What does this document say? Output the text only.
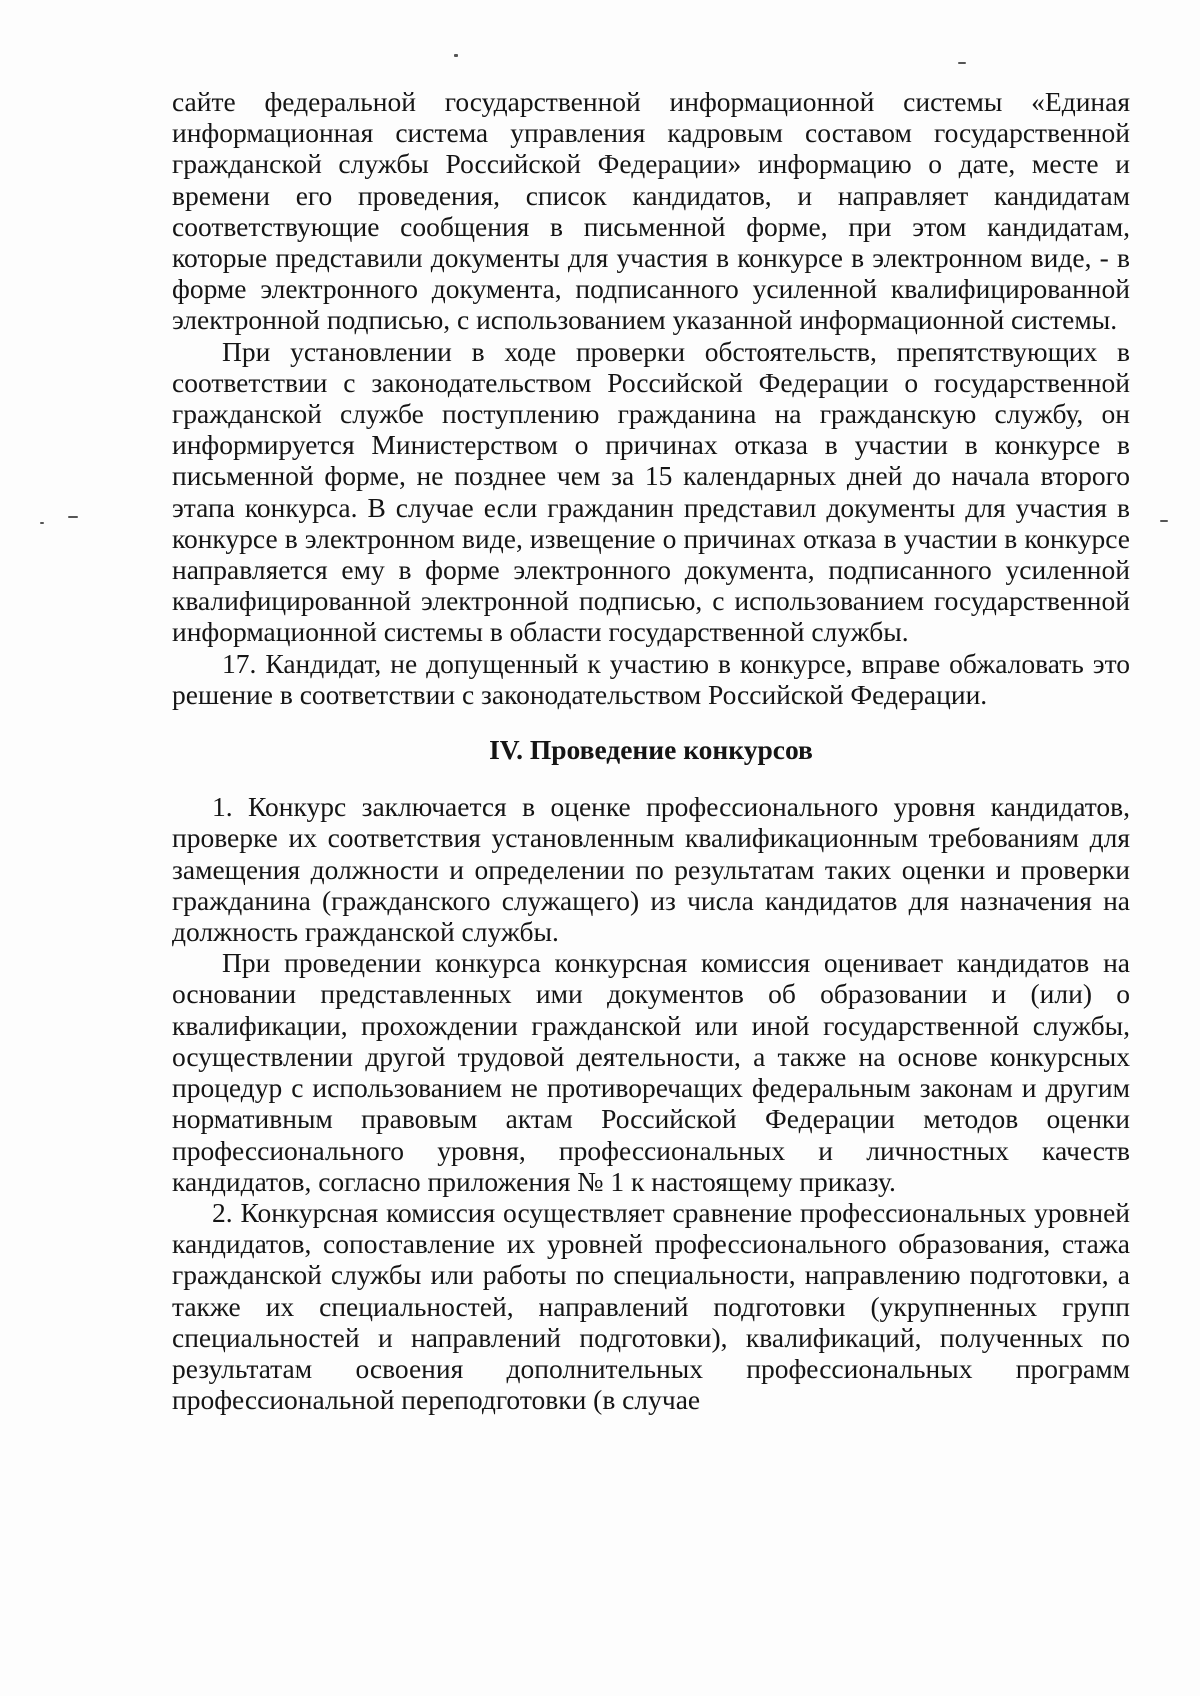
сайте федеральной государственной информационной системы «Единая информационная система управления кадровым составом государственной гражданской службы Российской Федерации» информацию о дате, месте и времени его проведения, список кандидатов, и направляет кандидатам соответствующие сообщения в письменной форме, при этом кандидатам, которые представили документы для участия в конкурсе в электронном виде, - в форме электронного документа, подписанного усиленной квалифицированной электронной подписью, с использованием указанной информационной системы.

При установлении в ходе проверки обстоятельств, препятствующих в соответствии с законодательством Российской Федерации о государственной гражданской службе поступлению гражданина на гражданскую службу, он информируется Министерством о причинах отказа в участии в конкурсе в письменной форме, не позднее чем за 15 календарных дней до начала второго этапа конкурса. В случае если гражданин представил документы для участия в конкурсе в электронном виде, извещение о причинах отказа в участии в конкурсе направляется ему в форме электронного документа, подписанного усиленной квалифицированной электронной подписью, с использованием государственной информационной системы в области государственной службы.

17. Кандидат, не допущенный к участию в конкурсе, вправе обжаловать это решение в соответствии с законодательством Российской Федерации.

IV. Проведение конкурсов

1. Конкурс заключается в оценке профессионального уровня кандидатов, проверке их соответствия установленным квалификационным требованиям для замещения должности и определении по результатам таких оценки и проверки гражданина (гражданского служащего) из числа кандидатов для назначения на должность гражданской службы.

При проведении конкурса конкурсная комиссия оценивает кандидатов на основании представленных ими документов об образовании и (или) о квалификации, прохождении гражданской или иной государственной службы, осуществлении другой трудовой деятельности, а также на основе конкурсных процедур с использованием не противоречащих федеральным законам и другим нормативным правовым актам Российской Федерации методов оценки профессионального уровня, профессиональных и личностных качеств кандидатов, согласно приложения № 1 к настоящему приказу.

2. Конкурсная комиссия осуществляет сравнение профессиональных уровней кандидатов, сопоставление их уровней профессионального образования, стажа гражданской службы или работы по специальности, направлению подготовки, а также их специальностей, направлений подготовки (укрупненных групп специальностей и направлений подготовки), квалификаций, полученных по результатам освоения дополнительных профессиональных программ профессиональной переподготовки (в случае
